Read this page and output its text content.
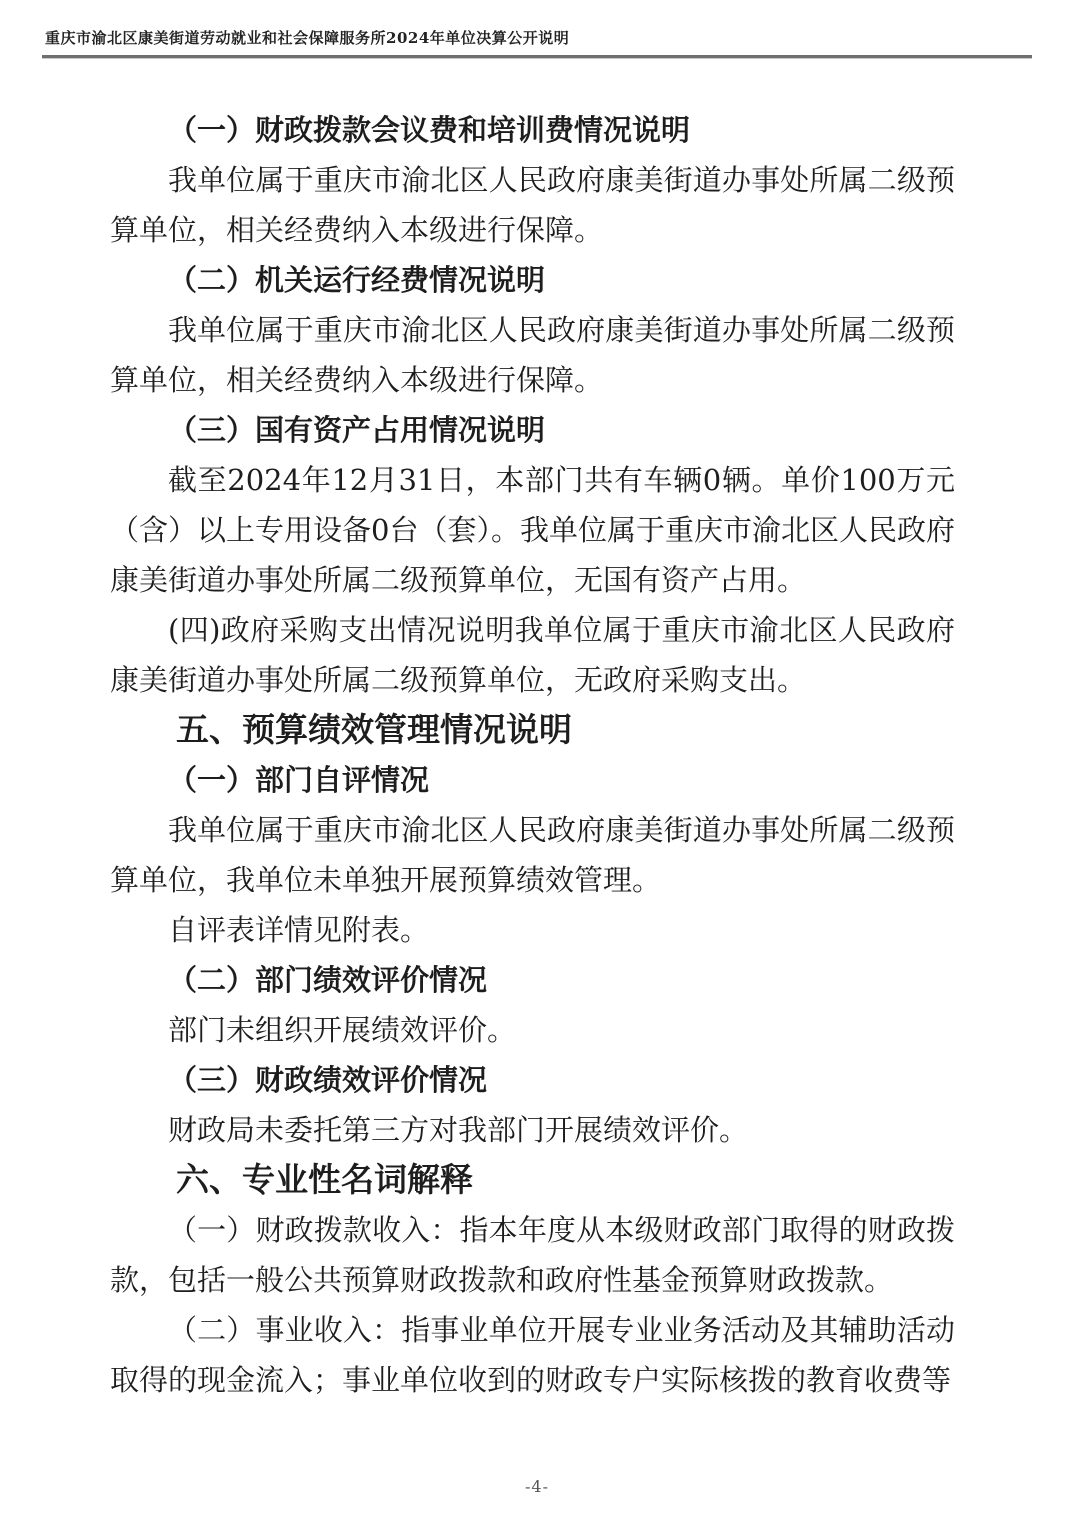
重庆市渝北区康美街道劳动就业和社会保障服务所2024年单位决算公开说明

（一）财政拨款会议费和培训费情况说明

我单位属于重庆市渝北区人民政府康美街道办事处所属二级预算单位，相关经费纳入本级进行保障。

（二）机关运行经费情况说明

我单位属于重庆市渝北区人民政府康美街道办事处所属二级预算单位，相关经费纳入本级进行保障。

（三）国有资产占用情况说明

截至2024年12月31日，本部门共有车辆0辆。单价100万元（含）以上专用设备0台（套）。我单位属于重庆市渝北区人民政府康美街道办事处所属二级预算单位，无国有资产占用。

(四)政府采购支出情况说明我单位属于重庆市渝北区人民政府康美街道办事处所属二级预算单位，无政府采购支出。

五、预算绩效管理情况说明

（一）部门自评情况

我单位属于重庆市渝北区人民政府康美街道办事处所属二级预算单位，我单位未单独开展预算绩效管理。

自评表详情见附表。

（二）部门绩效评价情况

部门未组织开展绩效评价。

（三）财政绩效评价情况

财政局未委托第三方对我部门开展绩效评价。

六、专业性名词解释

（一）财政拨款收入：指本年度从本级财政部门取得的财政拨款，包括一般公共预算财政拨款和政府性基金预算财政拨款。

（二）事业收入：指事业单位开展专业业务活动及其辅助活动取得的现金流入；事业单位收到的财政专户实际核拨的教育收费等

-4-
